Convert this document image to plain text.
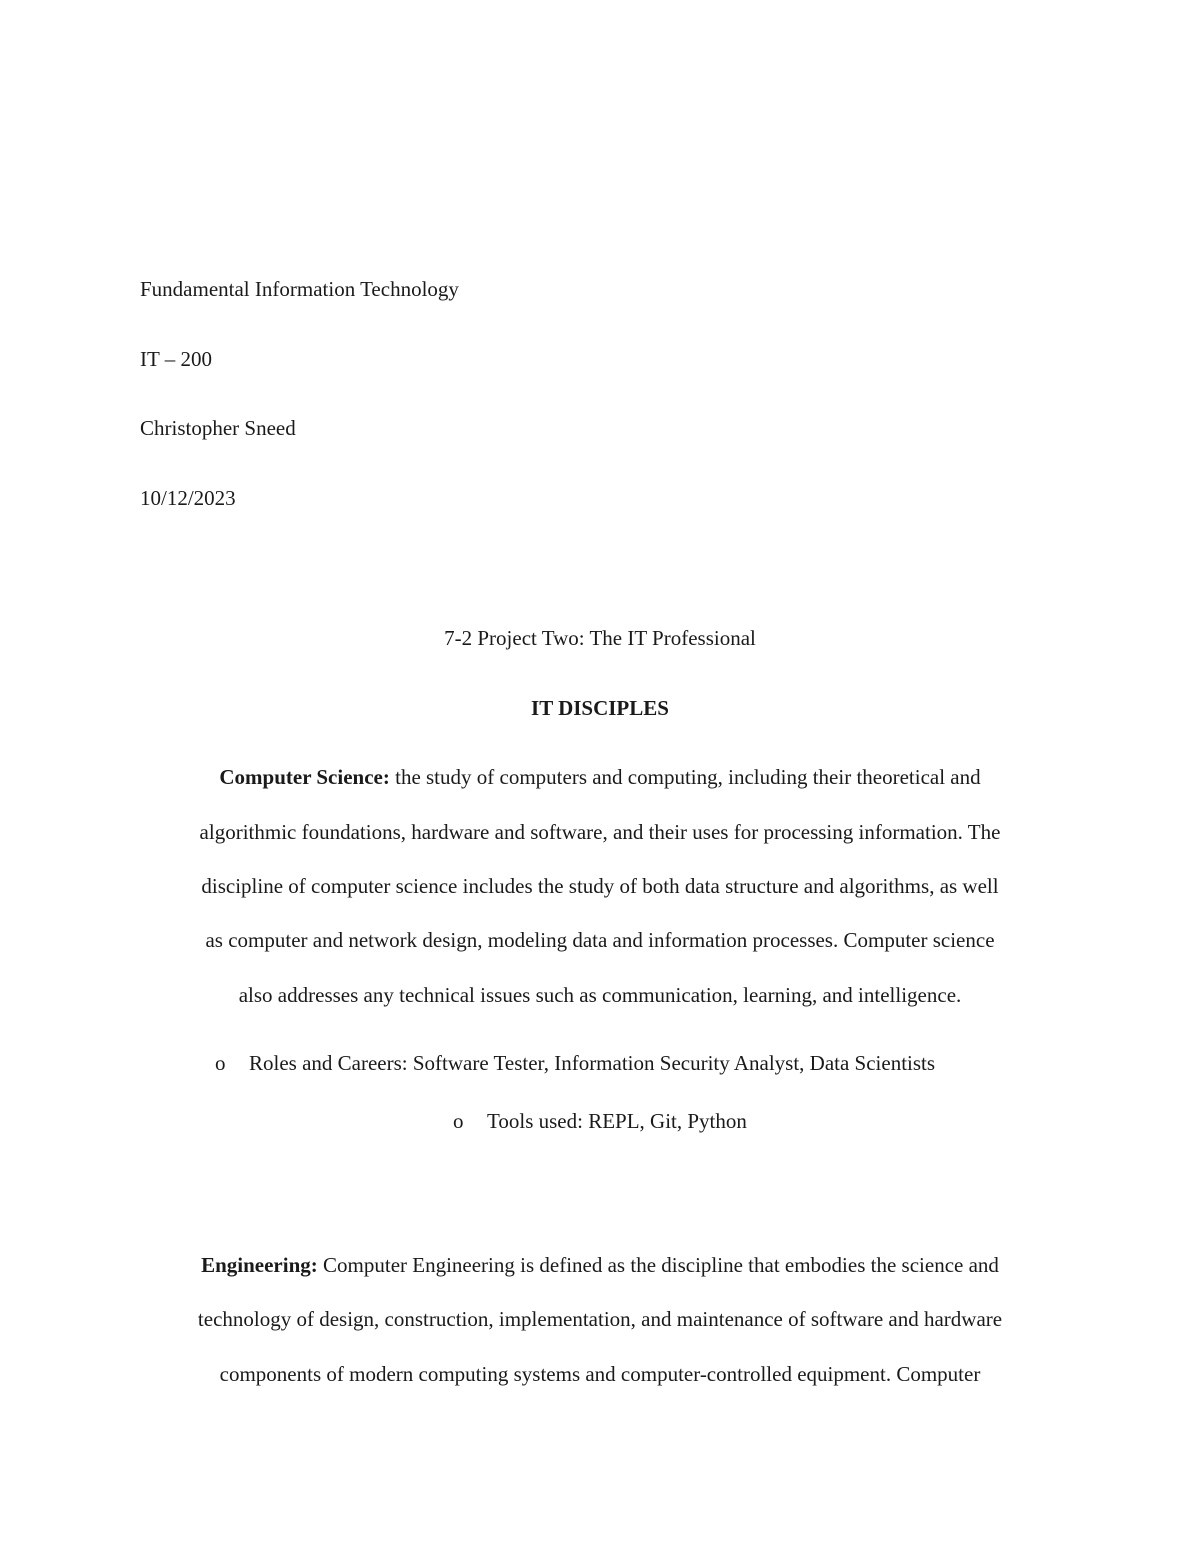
Fundamental Information Technology
IT – 200
Christopher Sneed
10/12/2023
7-2 Project Two: The IT Professional
IT DISCIPLES
Computer Science: the study of computers and computing, including their theoretical and
algorithmic foundations, hardware and software, and their uses for processing information. The
discipline of computer science includes the study of both data structure and algorithms, as well
as computer and network design, modeling data and information processes. Computer science
also addresses any technical issues such as communication, learning, and intelligence.
o Roles and Careers: Software Tester, Information Security Analyst, Data Scientists
o Tools used: REPL, Git, Python
Engineering: Computer Engineering is defined as the discipline that embodies the science and
technology of design, construction, implementation, and maintenance of software and hardware
components of modern computing systems and computer-controlled equipment. Computer
